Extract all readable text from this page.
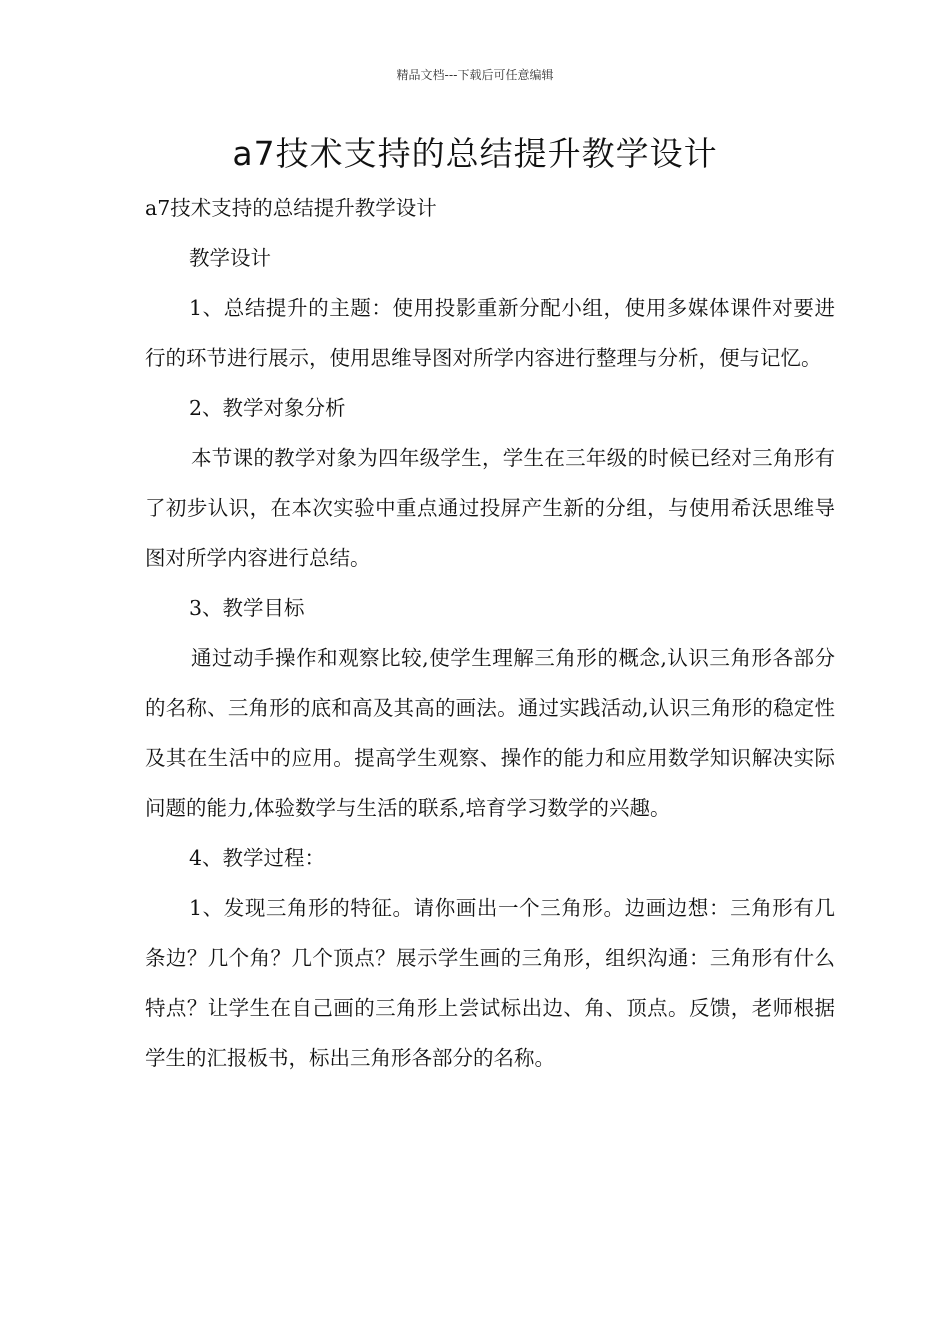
精品文档---下载后可任意编辑
a7技术支持的总结提升教学设计

a7技术支持的总结提升教学设计

教学设计

1、总结提升的主题：使用投影重新分配小组，使用多媒体课件对要进行的环节进行展示，使用思维导图对所学内容进行整理与分析，便与记忆。

2、教学对象分析

本节课的教学对象为四年级学生，学生在三年级的时候已经对三角形有了初步认识，在本次实验中重点通过投屏产生新的分组，与使用希沃思维导图对所学内容进行总结。

3、教学目标

通过动手操作和观察比较,使学生理解三角形的概念,认识三角形各部分的名称、三角形的底和高及其高的画法。通过实践活动,认识三角形的稳定性及其在生活中的应用。提高学生观察、操作的能力和应用数学知识解决实际问题的能力,体验数学与生活的联系,培育学习数学的兴趣。

4、教学过程：

1、发现三角形的特征。请你画出一个三角形。边画边想：三角形有几条边？几个角？几个顶点？展示学生画的三角形，组织沟通：三角形有什么特点？让学生在自己画的三角形上尝试标出边、角、顶点。反馈，老师根据学生的汇报板书，标出三角形各部分的名称。
